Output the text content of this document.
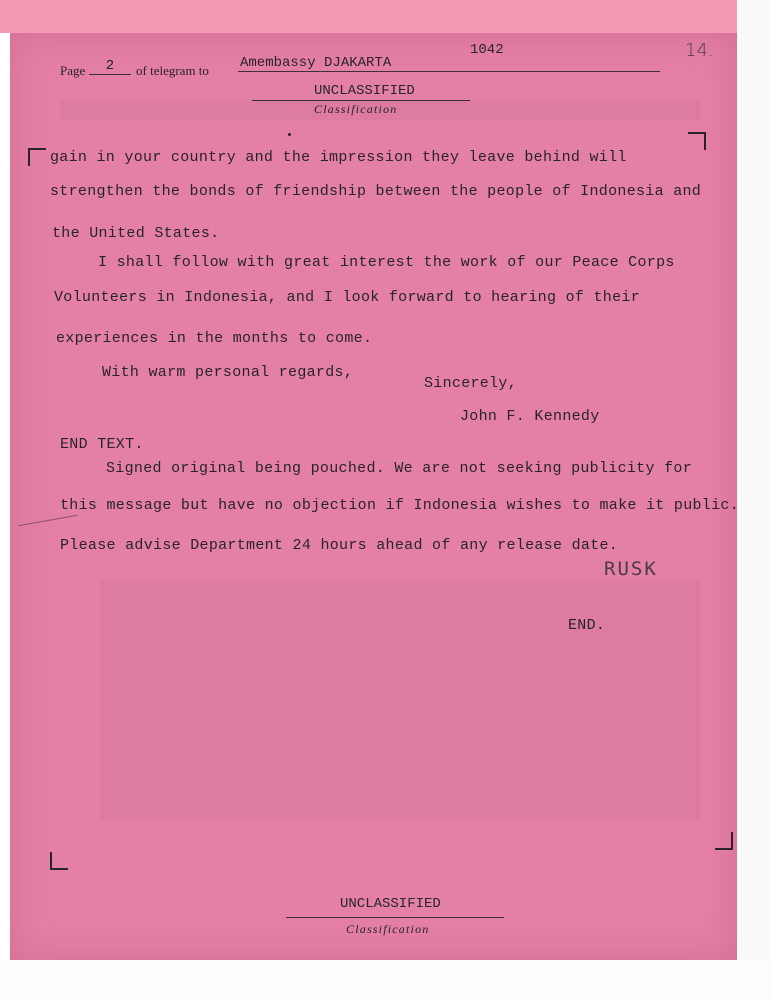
Page	2	of telegram to Amembassy DJAKARTA
1042	14.
UNCLASSIFIED
Classification
gain in your country and the impression they leave behind will
strengthen the bonds of friendship between the people of Indonesia and
the United States.
I shall follow with great interest the work of our Peace Corps
Volunteers in Indonesia, and I look forward to hearing of their
experiences in the months to come.
With warm personal regards,
Sincerely,
John F. Kennedy
END TEXT.
Signed original being pouched. We are not seeking publicity for
this message but have no objection if Indonesia wishes to make it public.
Please advise Department 24 hours ahead of any release date.
RUSK
END.
UNCLASSIFIED
Classification
